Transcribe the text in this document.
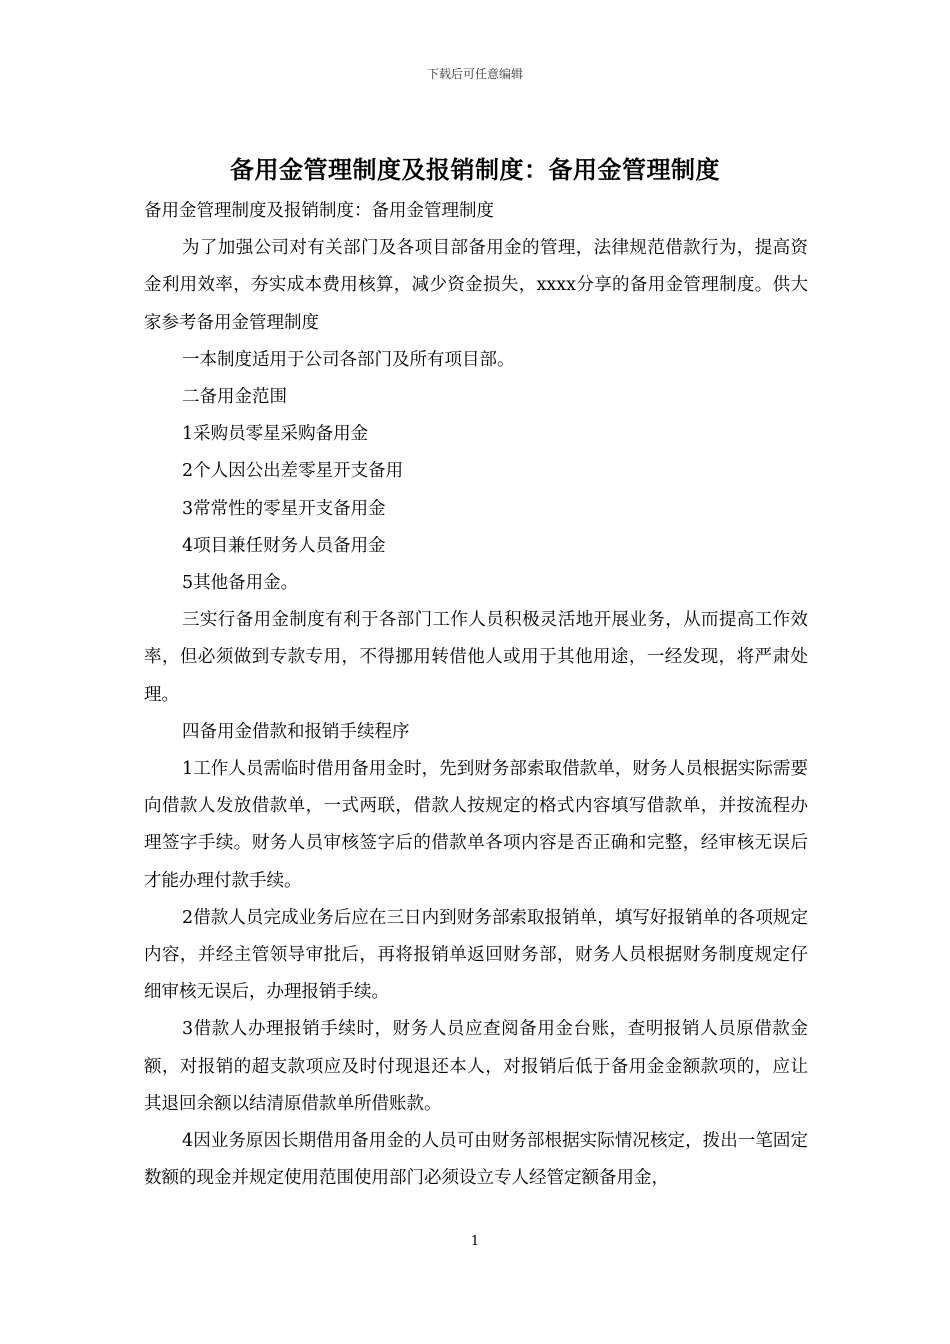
下载后可任意编辑
备用金管理制度及报销制度：备用金管理制度

备用金管理制度及报销制度：备用金管理制度

为了加强公司对有关部门及各项目部备用金的管理，法律规范借款行为，提高资金利用效率，夯实成本费用核算，减少资金损失，xxxx分享的备用金管理制度。供大家参考备用金管理制度

一本制度适用于公司各部门及所有项目部。

二备用金范围

1采购员零星采购备用金

2个人因公出差零星开支备用

3常常性的零星开支备用金

4项目兼任财务人员备用金

5其他备用金。

三实行备用金制度有利于各部门工作人员积极灵活地开展业务，从而提高工作效率，但必须做到专款专用，不得挪用转借他人或用于其他用途，一经发现，将严肃处理。

四备用金借款和报销手续程序

1工作人员需临时借用备用金时，先到财务部索取借款单，财务人员根据实际需要向借款人发放借款单，一式两联，借款人按规定的格式内容填写借款单，并按流程办理签字手续。财务人员审核签字后的借款单各项内容是否正确和完整，经审核无误后才能办理付款手续。

2借款人员完成业务后应在三日内到财务部索取报销单，填写好报销单的各项规定内容，并经主管领导审批后，再将报销单返回财务部，财务人员根据财务制度规定仔细审核无误后，办理报销手续。

3借款人办理报销手续时，财务人员应查阅备用金台账，查明报销人员原借款金额，对报销的超支款项应及时付现退还本人，对报销后低于备用金金额款项的，应让其退回余额以结清原借款单所借账款。

4因业务原因长期借用备用金的人员可由财务部根据实际情况核定，拨出一笔固定数额的现金并规定使用范围使用部门必须设立专人经管定额备用金，

1
